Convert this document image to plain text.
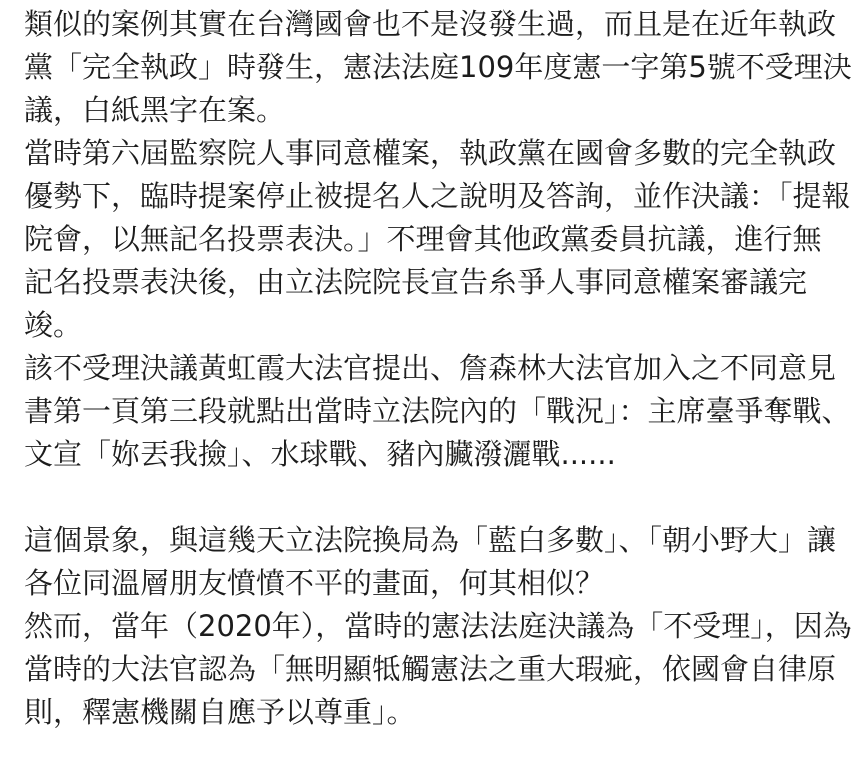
類似的案例其實在台灣國會也不是沒發生過，而且是在近年執政
黨「完全執政」時發生，憲法法庭109年度憲一字第5號不受理決
議，白紙黑字在案。
當時第六屆監察院人事同意權案，執政黨在國會多數的完全執政
優勢下，臨時提案停止被提名人之說明及答詢，並作決議：「提報
院會，以無記名投票表決。」不理會其他政黨委員抗議，進行無
記名投票表決後，由立法院院長宣告糸爭人事同意權案審議完
竣。
該不受理決議黃虹霞大法官提出、詹森林大法官加入之不同意見
書第一頁第三段就點出當時立法院內的「戰況」：主席臺爭奪戰、
文宣「妳丟我撿」、水球戰、豬內臟潑灑戰......
這個景象，與這幾天立法院換局為「藍白多數」、「朝小野大」讓
各位同溫層朋友憤憤不平的畫面，何其相似？
然而，當年（2020年），當時的憲法法庭決議為「不受理」，因為
當時的大法官認為「無明顯牴觸憲法之重大瑕疵，依國會自律原
則，釋憲機關自應予以尊重」。
